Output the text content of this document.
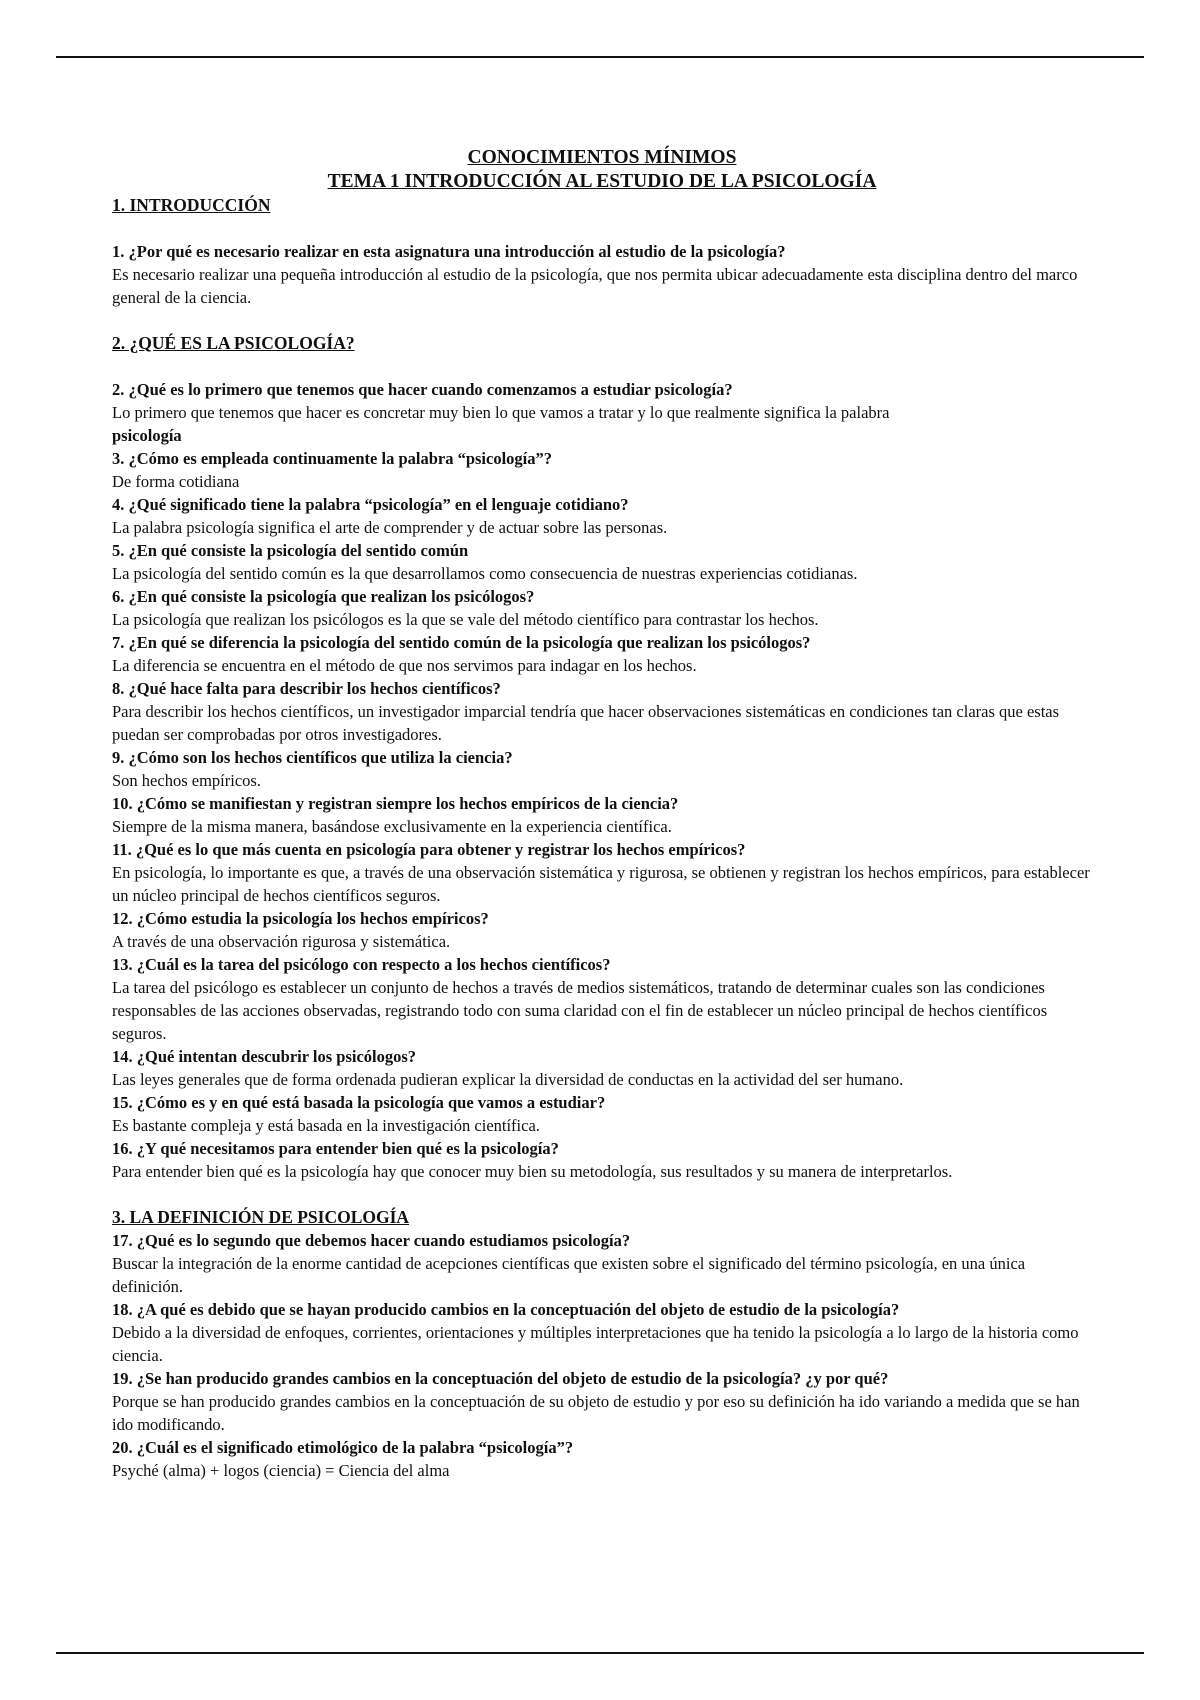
CONOCIMIENTOS MÍNIMOS

TEMA 1 INTRODUCCIÓN AL ESTUDIO DE LA PSICOLOGÍA

1. INTRODUCCIÓN

1. ¿Por qué es necesario realizar en esta asignatura una introducción al estudio de la psicología?

Es necesario realizar una pequeña introducción al estudio de la psicología, que nos permita ubicar adecuadamente esta disciplina dentro del marco general de la ciencia.

2. ¿QUÉ ES LA PSICOLOGÍA?

2. ¿Qué es lo primero que tenemos que hacer cuando comenzamos a estudiar psicología?

Lo primero que tenemos que hacer es concretar muy bien lo que vamos a tratar y lo que realmente significa la palabra
psicología

3. ¿Cómo es empleada continuamente la palabra “psicología”?

De forma cotidiana

4. ¿Qué significado tiene la palabra “psicología” en el lenguaje cotidiano?

La palabra psicología significa el arte de comprender y de actuar sobre las personas.

5. ¿En qué consiste la psicología del sentido común

La psicología del sentido común es la que desarrollamos como consecuencia de nuestras experiencias cotidianas.

6. ¿En qué consiste la psicología que realizan los psicólogos?

La psicología que realizan los psicólogos es la que se vale del método científico para contrastar los hechos.

7. ¿En qué se diferencia la psicología del sentido común de la psicología que realizan los psicólogos?

La diferencia se encuentra en el método de que nos servimos para indagar en los hechos.

8. ¿Qué hace falta para describir los hechos científicos?

Para describir los hechos científicos, un investigador imparcial tendría que hacer observaciones sistemáticas en condiciones tan claras que estas puedan ser comprobadas por otros investigadores.

9. ¿Cómo son los hechos científicos que utiliza la ciencia?

Son hechos empíricos.

10. ¿Cómo se manifiestan y registran siempre los hechos empíricos de la ciencia?

Siempre de la misma manera, basándose exclusivamente en la experiencia científica.

11. ¿Qué es lo que más cuenta en psicología para obtener y registrar los hechos empíricos?

En psicología, lo importante es que, a través de una observación sistemática y rigurosa, se obtienen y registran los hechos empíricos, para establecer un núcleo principal de hechos científicos seguros.

12. ¿Cómo estudia la psicología los hechos empíricos?

A través de una observación rigurosa y sistemática.

13. ¿Cuál es la tarea del psicólogo con respecto a los hechos científicos?

La tarea del psicólogo es establecer un conjunto de hechos a través de medios sistemáticos, tratando de determinar cuales son las condiciones responsables de las acciones observadas, registrando todo con suma claridad con el fin de establecer un núcleo principal de hechos científicos seguros.

14. ¿Qué intentan descubrir los psicólogos?

Las leyes generales que de forma ordenada pudieran explicar la diversidad de conductas en la actividad del ser humano.

15. ¿Cómo es y en qué está basada la psicología que vamos a estudiar?

Es bastante compleja y está basada en la investigación científica.

16. ¿Y qué necesitamos para entender bien qué es la psicología?

Para entender bien qué es la psicología hay que conocer muy bien su metodología, sus resultados y su manera de interpretarlos.

3. LA DEFINICIÓN DE PSICOLOGÍA

17. ¿Qué es lo segundo que debemos hacer cuando estudiamos psicología?

Buscar la integración de la enorme cantidad de acepciones científicas que existen sobre el significado del término psicología, en una única definición.

18. ¿A qué es debido que se hayan producido cambios en la conceptuación del objeto de estudio de la psicología?

Debido a la diversidad de enfoques, corrientes, orientaciones y múltiples interpretaciones que ha tenido la psicología a lo largo de la historia como ciencia.

19. ¿Se han producido grandes cambios en la conceptuación del objeto de estudio de la psicología? ¿y por qué?

Porque se han producido grandes cambios en la conceptuación de su objeto de estudio y por eso su definición ha ido variando a medida que se han ido modificando.

20. ¿Cuál es el significado etimológico de la palabra “psicología”?

Psyché (alma) + logos (ciencia) = Ciencia del alma
